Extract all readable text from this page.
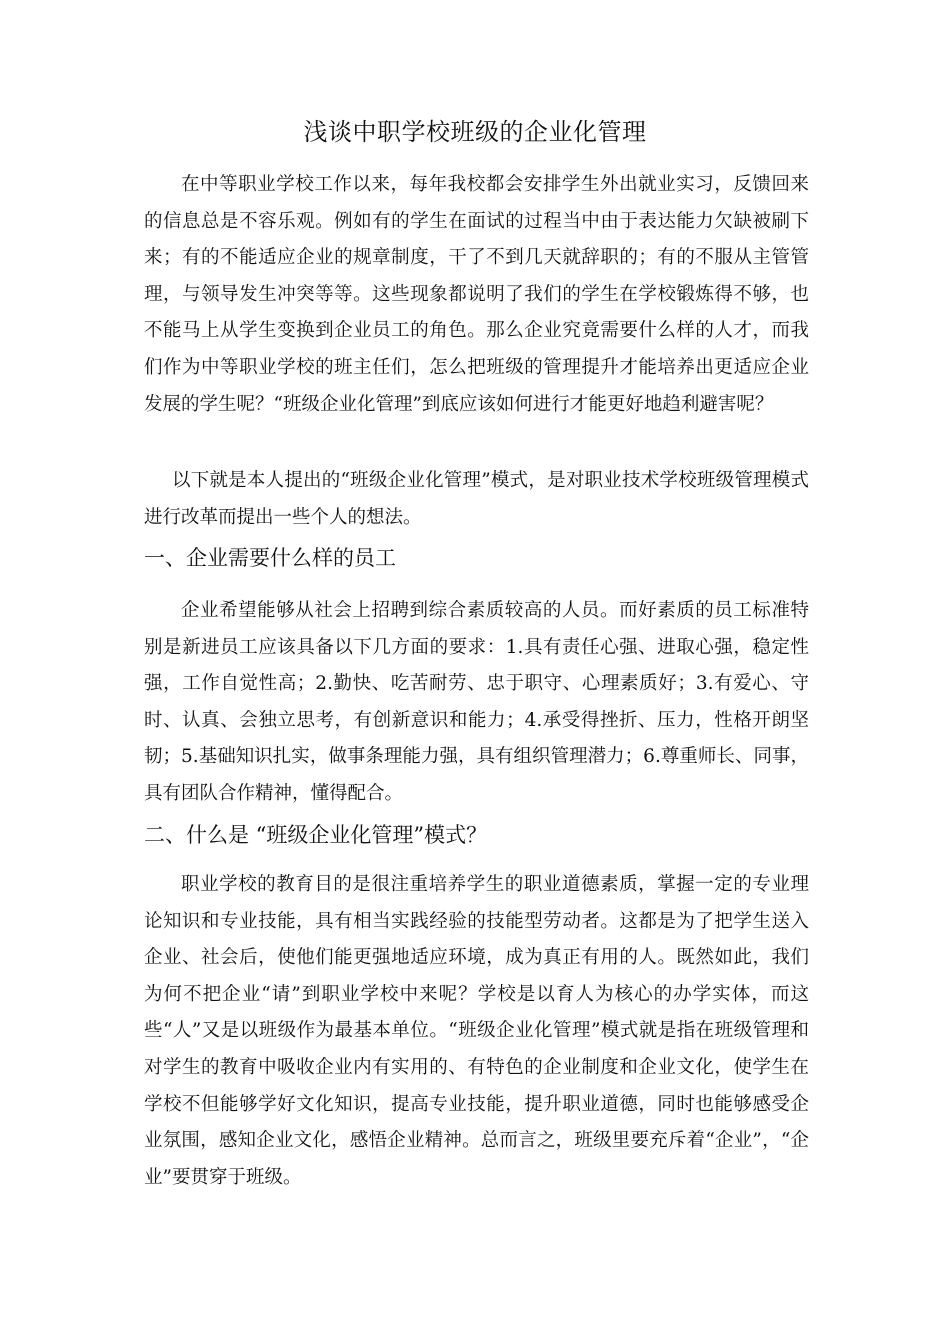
浅谈中职学校班级的企业化管理

在中等职业学校工作以来，每年我校都会安排学生外出就业实习，反馈回来的信息总是不容乐观。例如有的学生在面试的过程当中由于表达能力欠缺被刷下来；有的不能适应企业的规章制度，干了不到几天就辞职的；有的不服从主管管理，与领导发生冲突等等。这些现象都说明了我们的学生在学校锻炼得不够，也不能马上从学生变换到企业员工的角色。那么企业究竟需要什么样的人才，而我们作为中等职业学校的班主任们，怎么把班级的管理提升才能培养出更适应企业发展的学生呢？“班级企业化管理”到底应该如何进行才能更好地趋利避害呢？

以下就是本人提出的“班级企业化管理”模式，是对职业技术学校班级管理模式进行改革而提出一些个人的想法。

一、企业需要什么样的员工

企业希望能够从社会上招聘到综合素质较高的人员。而好素质的员工标准特别是新进员工应该具备以下几方面的要求：1.具有责任心强、进取心强，稳定性强，工作自觉性高；2.勤快、吃苦耐劳、忠于职守、心理素质好；3.有爱心、守时、认真、会独立思考，有创新意识和能力；4.承受得挫折、压力，性格开朗坚韧；5.基础知识扎实，做事条理能力强，具有组织管理潜力；6.尊重师长、同事，具有团队合作精神，懂得配合。

二、什么是 “班级企业化管理”模式？

职业学校的教育目的是很注重培养学生的职业道德素质，掌握一定的专业理论知识和专业技能，具有相当实践经验的技能型劳动者。这都是为了把学生送入企业、社会后，使他们能更强地适应环境，成为真正有用的人。既然如此，我们为何不把企业“请”到职业学校中来呢？学校是以育人为核心的办学实体，而这些“人”又是以班级作为最基本单位。“班级企业化管理”模式就是指在班级管理和对学生的教育中吸收企业内有实用的、有特色的企业制度和企业文化，使学生在学校不但能够学好文化知识，提高专业技能，提升职业道德，同时也能够感受企业氛围，感知企业文化，感悟企业精神。总而言之，班级里要充斥着“企业”，“企业”要贯穿于班级。
